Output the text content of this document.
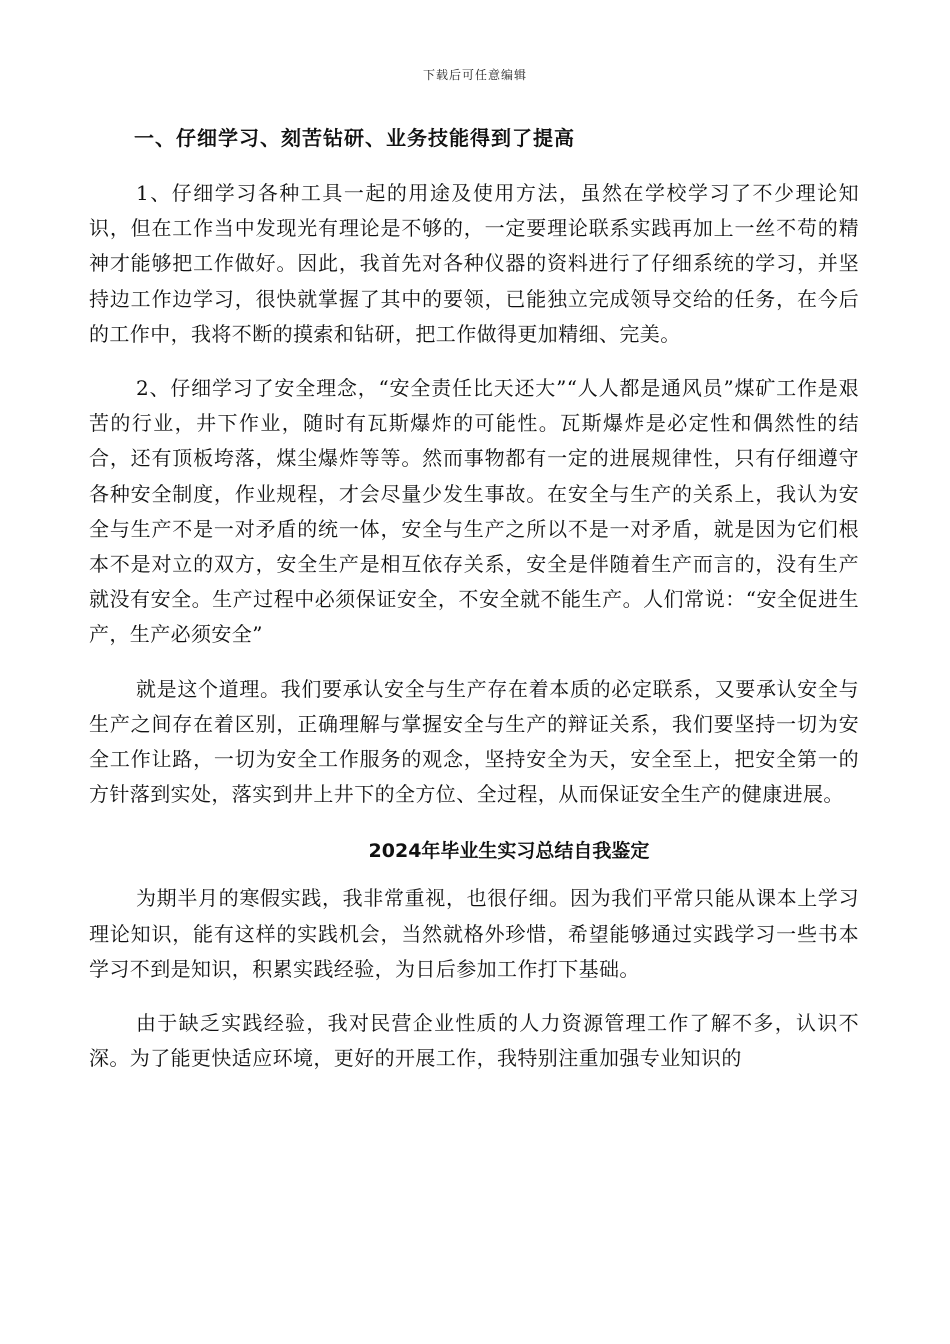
下载后可任意编辑
一、仔细学习、刻苦钻研、业务技能得到了提高

1、仔细学习各种工具一起的用途及使用方法，虽然在学校学习了不少理论知识，但在工作当中发现光有理论是不够的，一定要理论联系实践再加上一丝不苟的精神才能够把工作做好。因此，我首先对各种仪器的资料进行了仔细系统的学习，并坚持边工作边学习，很快就掌握了其中的要领，已能独立完成领导交给的任务，在今后的工作中，我将不断的摸索和钻研，把工作做得更加精细、完美。

2、仔细学习了安全理念，“安全责任比天还大”“人人都是通风员”煤矿工作是艰苦的行业，井下作业，随时有瓦斯爆炸的可能性。瓦斯爆炸是必定性和偶然性的结合，还有顶板垮落，煤尘爆炸等等。然而事物都有一定的进展规律性，只有仔细遵守各种安全制度，作业规程，才会尽量少发生事故。在安全与生产的关系上，我认为安全与生产不是一对矛盾的统一体，安全与生产之所以不是一对矛盾，就是因为它们根本不是对立的双方，安全生产是相互依存关系，安全是伴随着生产而言的，没有生产就没有安全。生产过程中必须保证安全，不安全就不能生产。人们常说：“安全促进生产，生产必须安全”

就是这个道理。我们要承认安全与生产存在着本质的必定联系，又要承认安全与生产之间存在着区别，正确理解与掌握安全与生产的辩证关系，我们要坚持一切为安全工作让路，一切为安全工作服务的观念，坚持安全为天，安全至上，把安全第一的方针落到实处，落实到井上井下的全方位、全过程，从而保证安全生产的健康进展。

2024年毕业生实习总结自我鉴定

为期半月的寒假实践，我非常重视，也很仔细。因为我们平常只能从课本上学习理论知识，能有这样的实践机会，当然就格外珍惜，希望能够通过实践学习一些书本学习不到是知识，积累实践经验，为日后参加工作打下基础。

由于缺乏实践经验，我对民营企业性质的人力资源管理工作了解不多，认识不深。为了能更快适应环境，更好的开展工作，我特别注重加强专业知识的
